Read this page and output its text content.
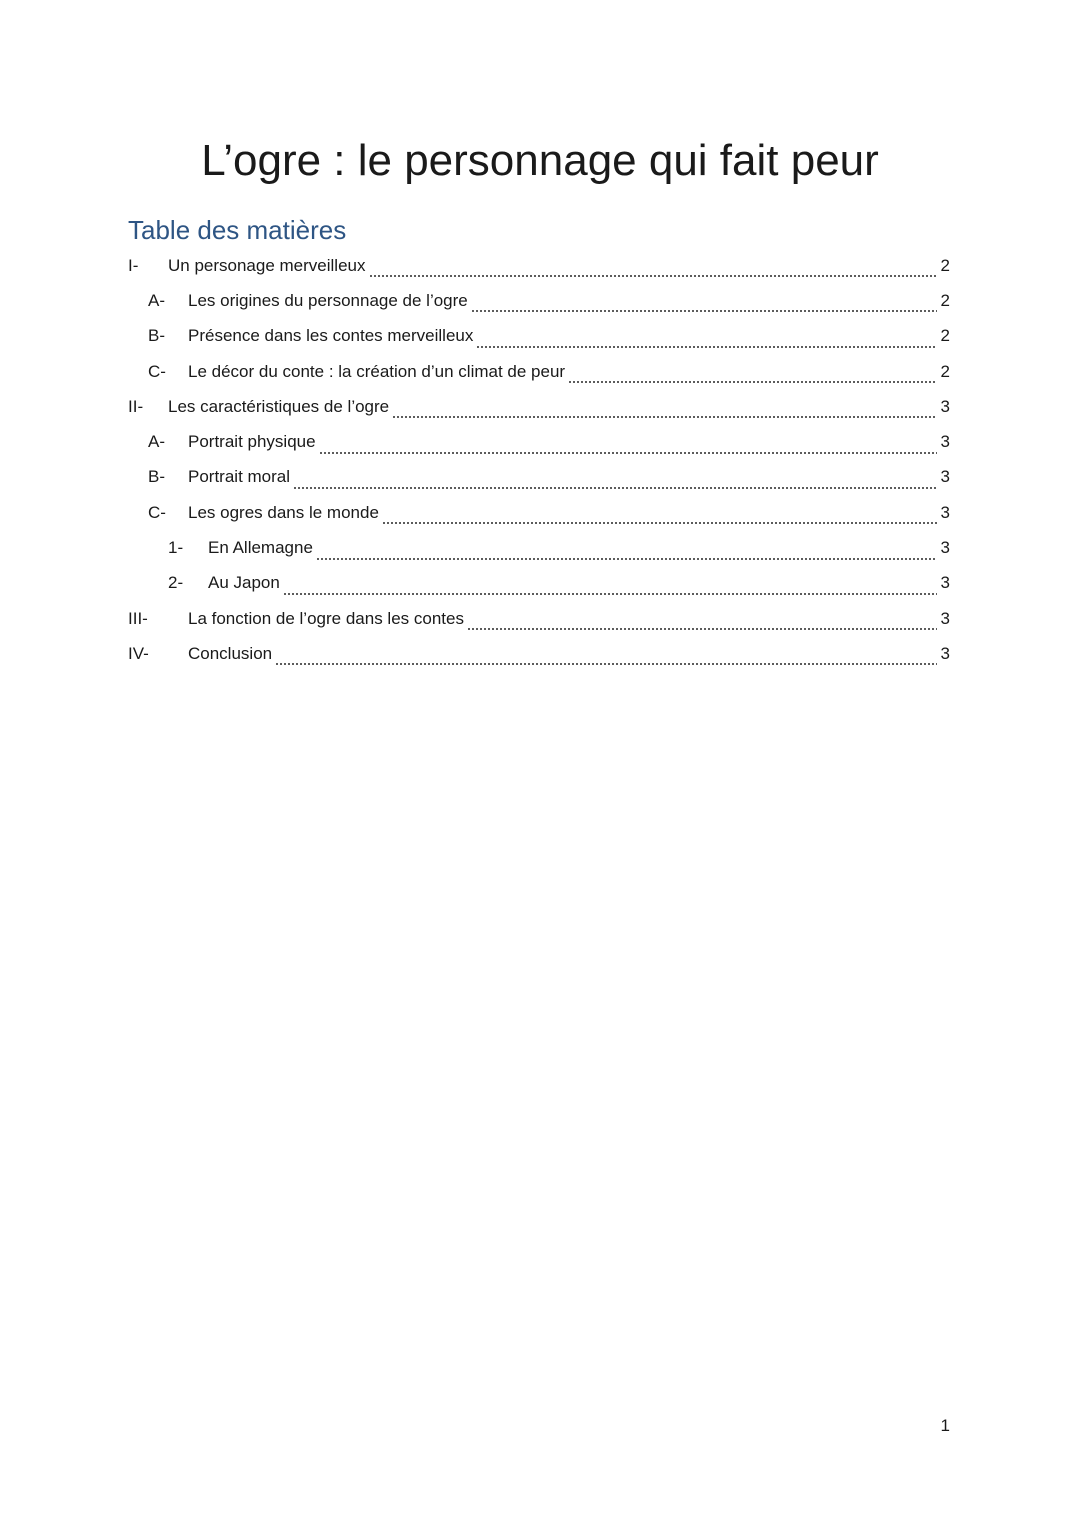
L’ogre : le personnage qui fait peur
Table des matières
I-	Un personage merveilleux	2
A-	Les origines du personnage de l’ogre	2
B-	Présence dans les contes merveilleux	2
C-	Le décor du conte : la création d’un climat de peur	2
II-	Les caractéristiques de l’ogre	3
A-	Portrait physique	3
B-	Portrait moral	3
C-	Les ogres dans le monde	3
1-	En Allemagne	3
2-	Au Japon	3
III-	La fonction de l’ogre dans les contes	3
IV-	Conclusion	3
1
